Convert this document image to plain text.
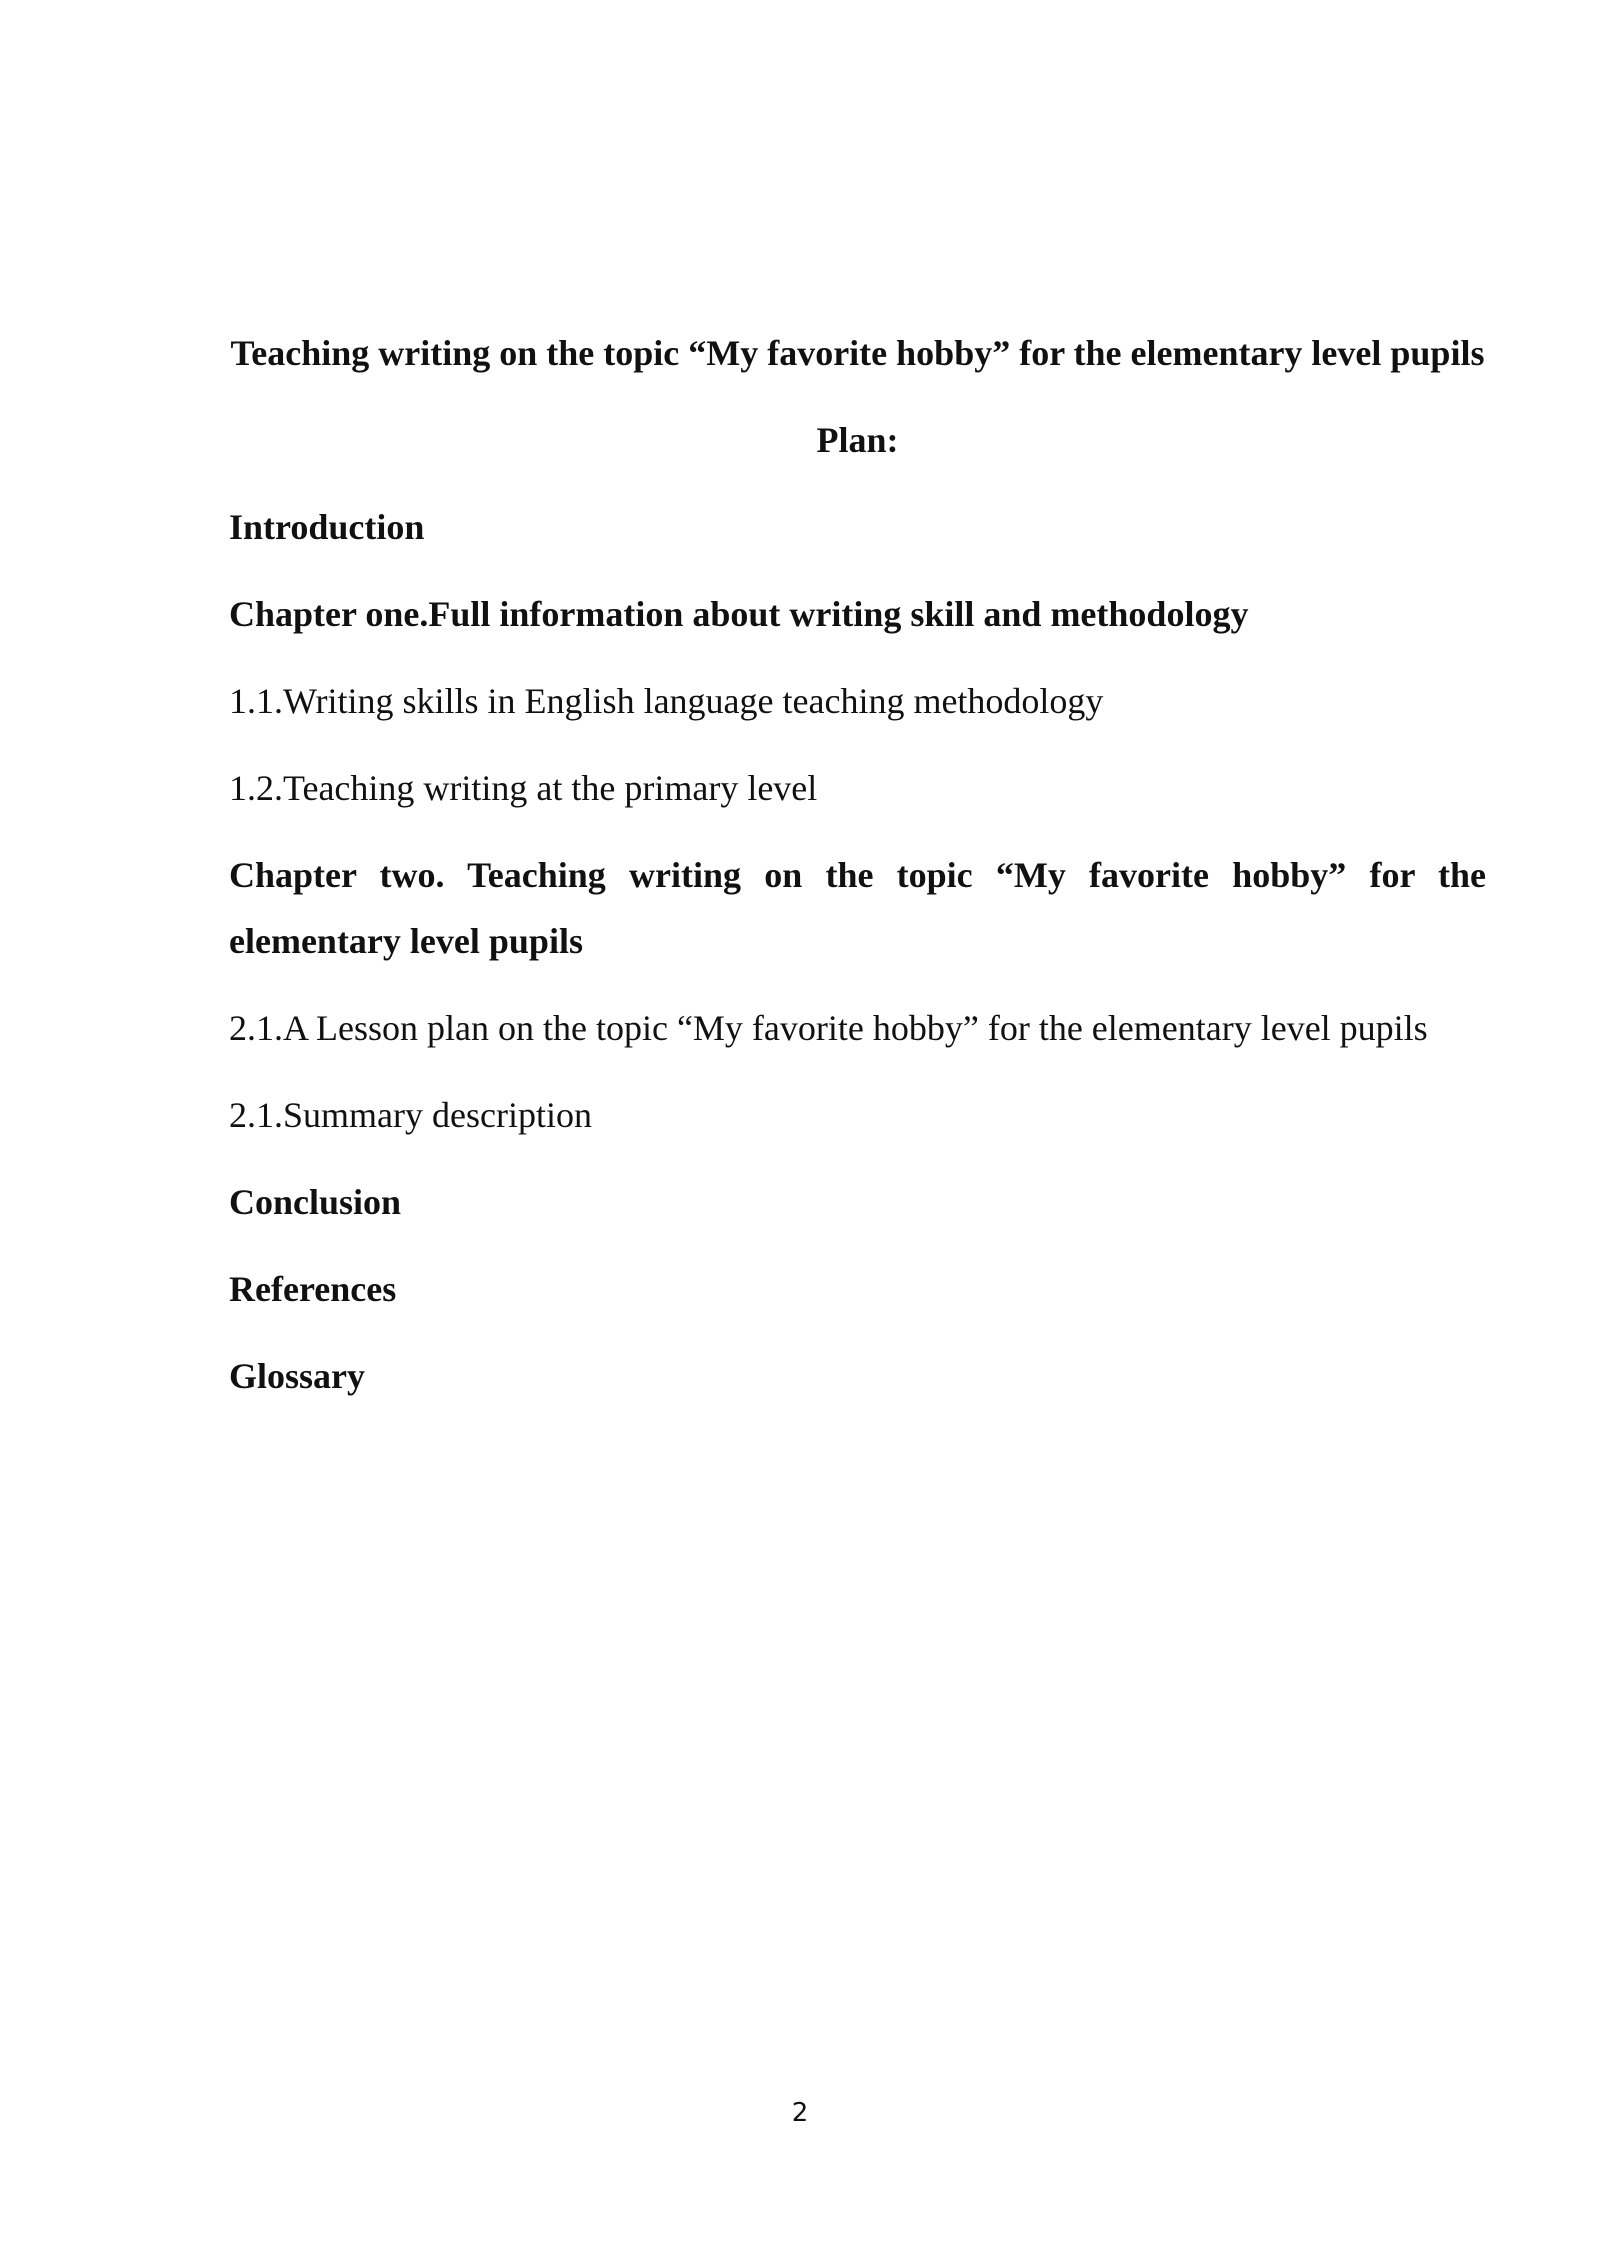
Teaching writing on the topic “My favorite hobby” for the elementary level pupils

Plan:

Introduction

Chapter one.Full information about writing skill and methodology

1.1.Writing skills in English language teaching methodology

1.2.Teaching writing at the primary level

Chapter two. Teaching writing on the topic “My favorite hobby” for the elementary level pupils

2.1.A Lesson plan on the topic “My favorite hobby” for the elementary level pupils

2.1.Summary description

Conclusion

References

Glossary

2
